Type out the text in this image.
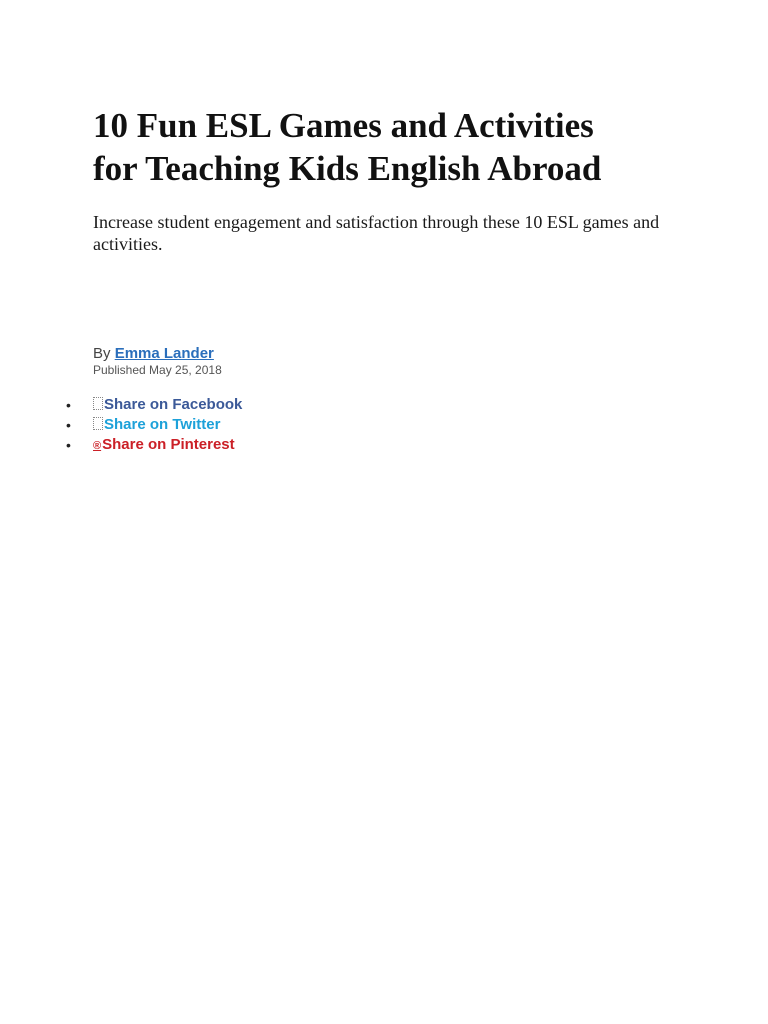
10 Fun ESL Games and Activities
for Teaching Kids English Abroad

Increase student engagement and satisfaction through these 10 ESL games and activities.

By Emma Lander

Published May 25, 2018

• Share on Facebook
• Share on Twitter
• ®Share on Pinterest
